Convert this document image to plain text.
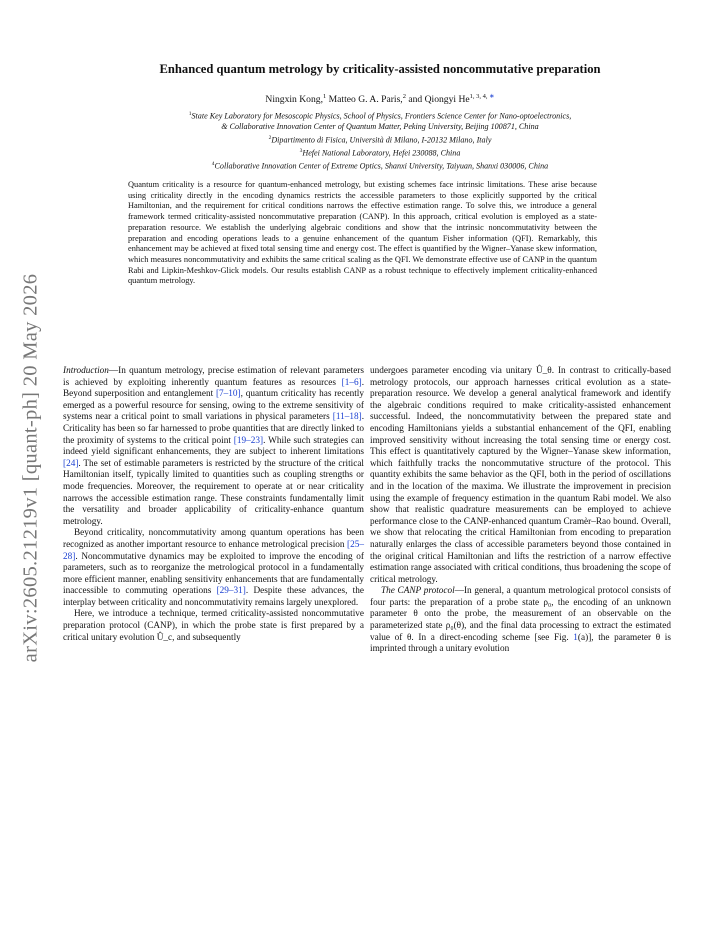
arXiv:2605.21219v1 [quant-ph] 20 May 2026
Enhanced quantum metrology by criticality-assisted noncommutative preparation
Ningxin Kong,$^1$ Matteo G. A. Paris,$^2$ and Qiongyi $He^{1, 3, 4, ∗}$
$^1$State Key Laboratory for Mesoscopic Physics, School of Physics, Frontiers Science Center for Nano-optoelectronics,
& Collaborative Innovation Center of Quantum Matter, Peking University, Beijing 100871, China
$^2$Dipartimento di Fisica, Università di Milano, I-20132 Milano, Italy
$^3$Hefei National Laboratory, Hefei 230088, China
$^4$Collaborative Innovation Center of Extreme Optics, Shanxi University, Taiyuan, Shanxi 030006, China
Quantum criticality is a resource for quantum-enhanced metrology, but existing schemes face intrinsic limitations. These arise because using criticality directly in the encoding dynamics restricts the accessible parameters to those explicitly supported by the critical Hamiltonian, and the requirement for critical conditions narrows the effective estimation range. To solve this, we introduce a general framework termed criticality-assisted noncommutative preparation (CANP). In this approach, critical evolution is employed as a state-preparation resource. We establish the underlying algebraic conditions and show that the intrinsic noncommutativity between the preparation and encoding operations leads to a genuine enhancement of the quantum Fisher information (QFI). Remarkably, this enhancement may be achieved at fixed total sensing time and energy cost. The effect is quantified by the Wigner–Yanase skew information, which measures noncommutativity and exhibits the same critical scaling as the QFI. We demonstrate effective use of CANP in the quantum Rabi and Lipkin-Meshkov-Glick models. Our results establish CANP as a robust technique to effectively implement criticality-enhanced quantum metrology.

Introduction—In quantum metrology, precise estimation of relevant parameters is achieved by exploiting inherently quantum features as resources [1–6]. Beyond superposition and entanglement [7–10], quantum criticality has recently emerged as a powerful resource for sensing, owing to the extreme sensitivity of systems near a critical point to small variations in physical parameters [11–18]. Criticality has been so far harnessed to probe quantities that are directly linked to the proximity of systems to the critical point [19–23]. While such strategies can indeed yield significant enhancements, they are subject to inherent limitations [24]. The set of estimable parameters is restricted by the structure of the critical Hamiltonian itself, typically limited to quantities such as coupling strengths or mode frequencies. Moreover, the requirement to operate at or near criticality narrows the accessible estimation range. These constraints fundamentally limit the versatility and broader applicability of criticality-enhance quantum metrology.

Beyond criticality, noncommutativity among quantum operations has been recognized as another important resource to enhance metrological precision [25–28]. Noncommutative dynamics may be exploited to improve the encoding of parameters, such as to reorganize the metrological protocol in a fundamentally more efficient manner, enabling sensitivity enhancements that are fundamentally inaccessible to commuting operations [29–31]. Despite these advances, the interplay between criticality and noncommutativity remains largely unexplored.

Here, we introduce a technique, termed criticality-assisted noncommutative preparation protocol (CANP), in which the probe state is first prepared by a critical unitary evolution Û_c, and subsequently

undergoes parameter encoding via unitary Û_θ. In contrast to critically-based metrology protocols, our approach harnesses critical evolution as a state-preparation resource. We develop a general analytical framework and identify the algebraic conditions required to make criticality-assisted enhancement successful. Indeed, the noncommutativity between the prepared state and encoding Hamiltonians yields a substantial enhancement of the QFI, enabling improved sensitivity without increasing the total sensing time or energy cost. This effect is quantitatively captured by the Wigner–Yanase skew information, which faithfully tracks the noncommutative structure of the protocol. This quantity exhibits the same behavior as the QFI, both in the period of oscillations and in the location of the maxima. We illustrate the improvement in precision using the example of frequency estimation in the quantum Rabi model. We also show that realistic quadrature measurements can be employed to achieve performance close to the CANP-enhanced quantum Cramèr–Rao bound. Overall, we show that relocating the critical Hamiltonian from encoding to preparation naturally enlarges the class of accessible parameters beyond those contained in the original critical Hamiltonian and lifts the restriction of a narrow effective estimation range associated with critical conditions, thus broadening the scope of critical metrology.

The CANP protocol—In general, a quantum metrological protocol consists of four parts: the preparation of a probe state ρ₀, the encoding of an unknown parameter θ onto the probe, the measurement of an observable on the parameterized state ρ₀(θ), and the final data processing to extract the estimated value of θ. In a direct-encoding scheme [see Fig. 1(a)], the parameter θ is imprinted through a unitary evolution
